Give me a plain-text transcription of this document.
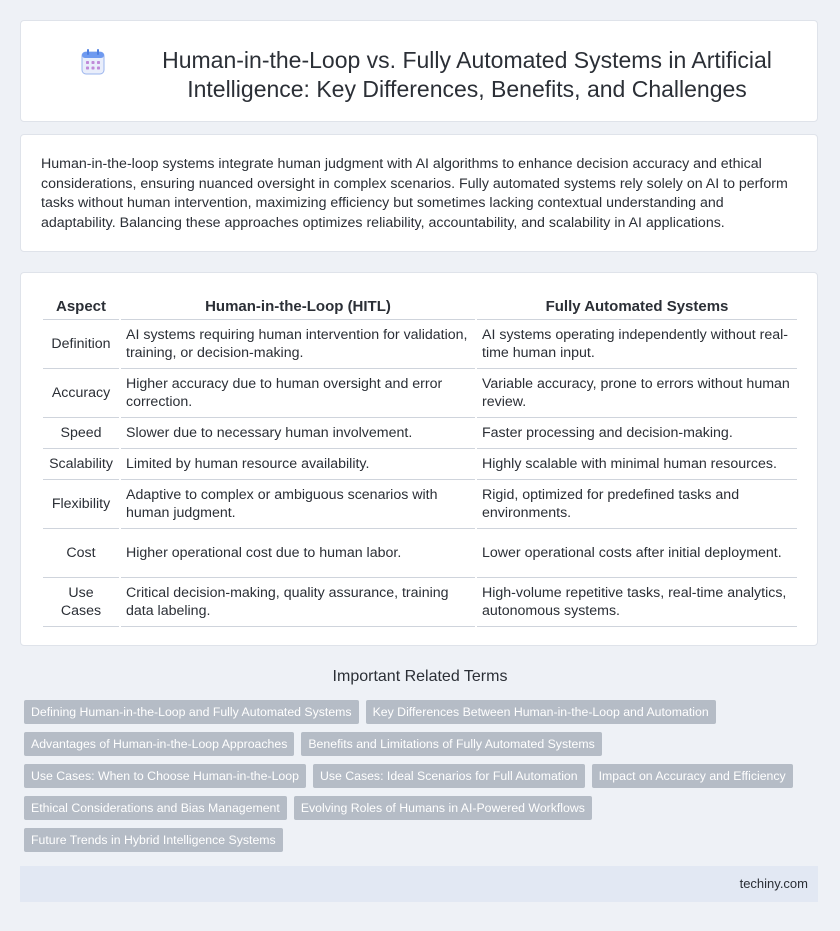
Human-in-the-Loop vs. Fully Automated Systems in Artificial Intelligence: Key Differences, Benefits, and Challenges

Human-in-the-loop systems integrate human judgment with AI algorithms to enhance decision accuracy and ethical considerations, ensuring nuanced oversight in complex scenarios. Fully automated systems rely solely on AI to perform tasks without human intervention, maximizing efficiency but sometimes lacking contextual understanding and adaptability. Balancing these approaches optimizes reliability, accountability, and scalability in AI applications.

Aspect	Human-in-the-Loop (HITL)	Fully Automated Systems
Definition	AI systems requiring human intervention for validation, training, or decision-making.	AI systems operating independently without real-time human input.
Accuracy	Higher accuracy due to human oversight and error correction.	Variable accuracy, prone to errors without human review.
Speed	Slower due to necessary human involvement.	Faster processing and decision-making.
Scalability	Limited by human resource availability.	Highly scalable with minimal human resources.
Flexibility	Adaptive to complex or ambiguous scenarios with human judgment.	Rigid, optimized for predefined tasks and environments.
Cost	Higher operational cost due to human labor.	Lower operational costs after initial deployment.
Use Cases	Critical decision-making, quality assurance, training data labeling.	High-volume repetitive tasks, real-time analytics, autonomous systems.
Important Related Terms
Defining Human-in-the-Loop and Fully Automated Systems	Key Differences Between Human-in-the-Loop and Automation
Advantages of Human-in-the-Loop Approaches	Benefits and Limitations of Fully Automated Systems
Use Cases: When to Choose Human-in-the-Loop	Use Cases: Ideal Scenarios for Full Automation	Impact on Accuracy and Efficiency
Ethical Considerations and Bias Management	Evolving Roles of Humans in AI-Powered Workflows
Future Trends in Hybrid Intelligence Systems
techiny.com
